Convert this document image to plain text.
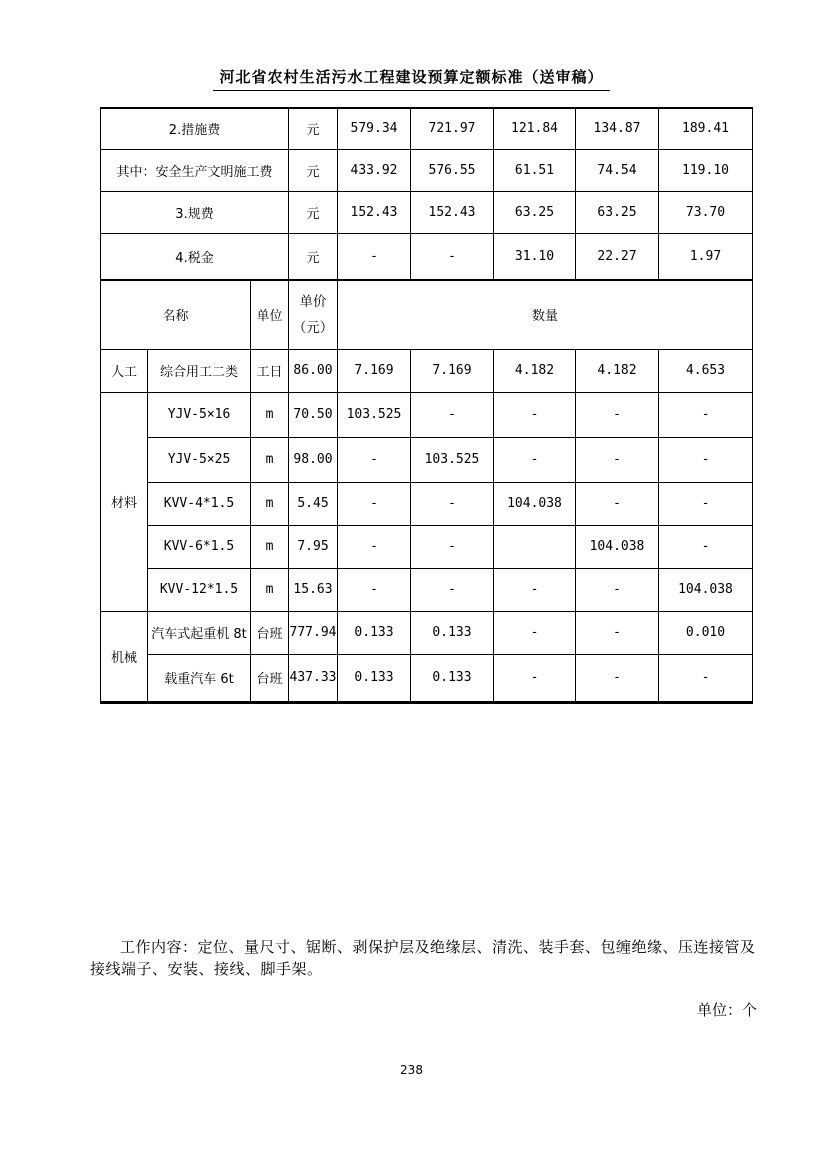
河北省农村生活污水工程建设预算定额标准（送审稿）
2.措施费			元	579.34	721.97	121.84	134.87	189.41
其中：安全生产文明施工费			元	433.92	576.55	61.51	74.54	119.10
3.规费			元	152.43	152.43	63.25	63.25	73.70
4.税金			元	-	-	31.10	22.27	1.97
名称		单位	单价
（元）	数量				
人工	综合用工二类	工日	86.00	7.169	7.169	4.182	4.182	4.653
材料	YJV-5×16	m	70.50	103.525	-	-	-	-
	YJV-5×25	m	98.00	-	103.525	-	-	-
	KVV-4*1.5	m	5.45	-	-	104.038	-	-
	KVV-6*1.5	m	7.95	-	-		104.038	-
	KVV-12*1.5	m	15.63	-	-	-	-	104.038
机械	汽车式起重机 8t	台班	777.94	0.133	0.133	-	-	0.010
	载重汽车 6t	台班	437.33	0.133	0.133	-	-	-
工作内容：定位、量尺寸、锯断、剥保护层及绝缘层、清洗、装手套、包缠绝缘、压连接管及接线端子、安装、接线、脚手架。
单位：个
238
